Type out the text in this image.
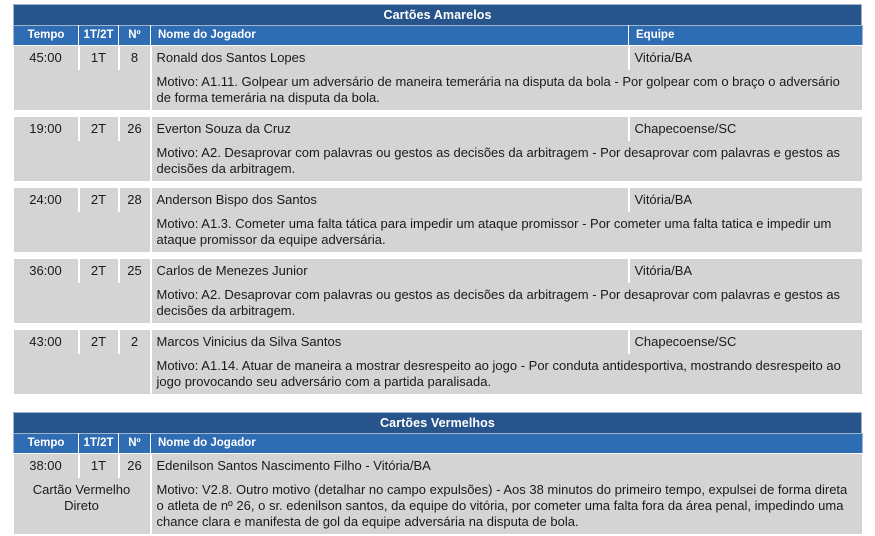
Cartões Amarelos
Tempo	1T/2T	Nº	Nome do Jogador	Equipe
45:00	1T	8	Ronald dos Santos Lopes	Vitória/BA
			Motivo: A1.11. Golpear um adversário de maneira temerária na disputa da bola - Por golpear com o braço o adversário de forma temerária na disputa da bola.	

19:00	2T	26	Everton Souza da Cruz	Chapecoense/SC
			Motivo: A2. Desaprovar com palavras ou gestos as decisões da arbitragem - Por desaprovar com palavras e gestos as decisões da arbitragem.	

24:00	2T	28	Anderson Bispo dos Santos	Vitória/BA
			Motivo: A1.3. Cometer uma falta tática para impedir um ataque promissor - Por cometer uma falta tatica e impedir um ataque promissor da equipe adversária.	

36:00	2T	25	Carlos de Menezes Junior	Vitória/BA
			Motivo: A2. Desaprovar com palavras ou gestos as decisões da arbitragem - Por desaprovar com palavras e gestos as decisões da arbitragem.	

43:00	2T	2	Marcos Vinicius da Silva Santos	Chapecoense/SC
			Motivo: A1.14. Atuar de maneira a mostrar desrespeito ao jogo - Por conduta antidesportiva, mostrando desrespeito ao jogo provocando seu adversário com a partida paralisada.	
Cartões Vermelhos
Tempo	1T/2T	Nº	Nome do Jogador
38:00	1T	26	Edenilson Santos Nascimento Filho - Vitória/BA
Cartão Vermelho Direto			Motivo: V2.8. Outro motivo (detalhar no campo expulsões) - Aos 38 minutos do primeiro tempo, expulsei de forma direta o atleta de nº 26, o sr. edenilson santos, da equipe do vitória, por cometer uma falta fora da área penal, impedindo uma chance clara e manifesta de gol da equipe adversária na disputa de bola.
